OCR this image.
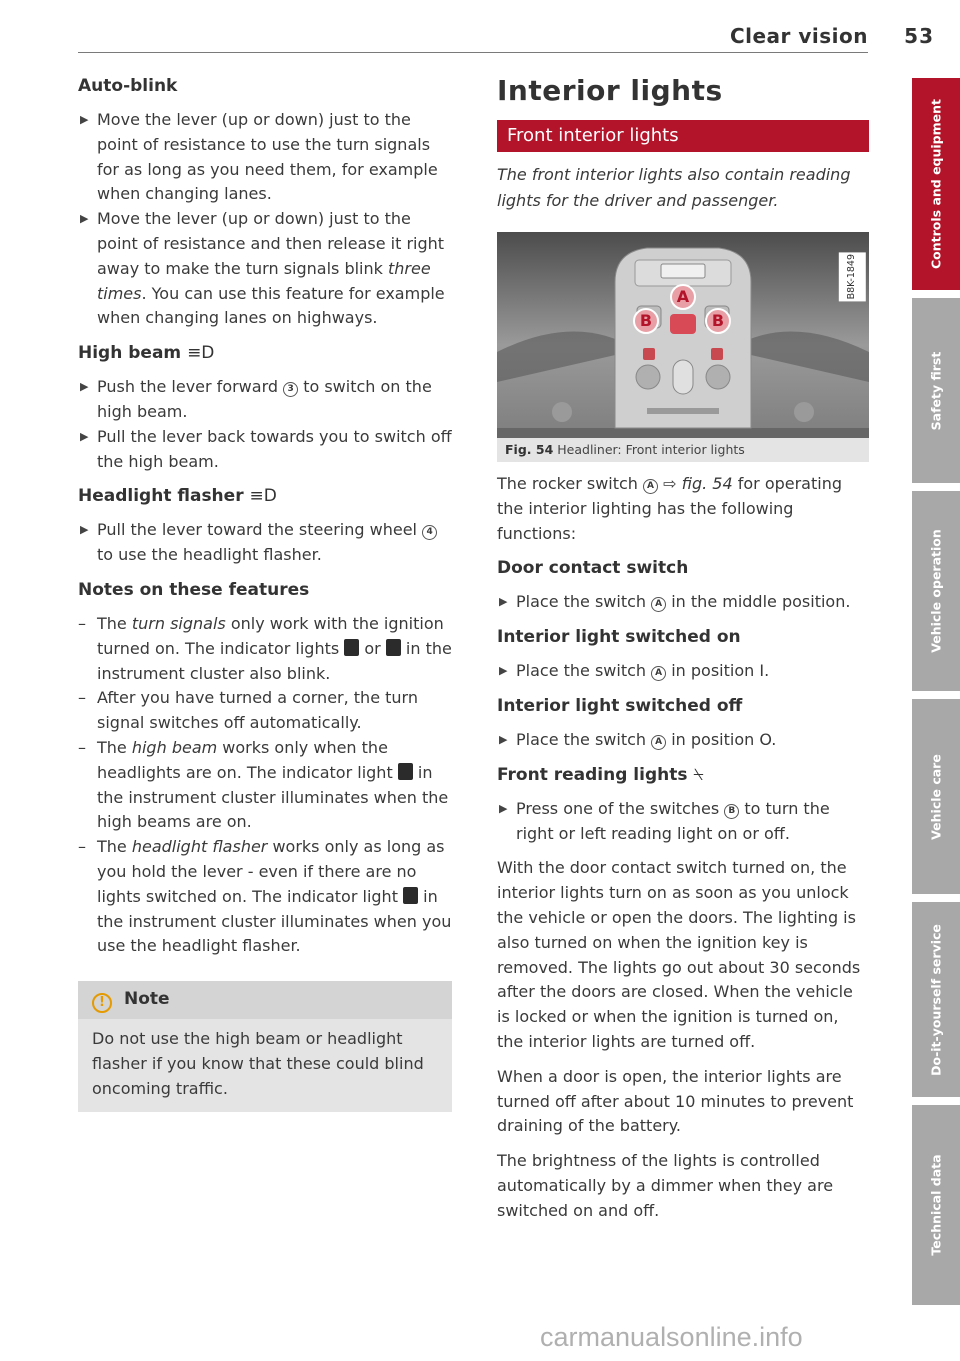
Clear vision 53
Auto-blink
▶ Move the lever (up or down) just to the point of resistance to use the turn signals for as long as you need them, for example when changing lanes.
▶ Move the lever (up or down) just to the point of resistance and then release it right away to make the turn signals blink three times. You can use this feature for example when changing lanes on highways.
High beam ≡D
▶ Push the lever forward 3 to switch on the high beam.
▶ Pull the lever back towards you to switch off the high beam.
Headlight flasher ≡D
▶ Pull the lever toward the steering wheel 4 to use the headlight flasher.
Notes on these features
– The turn signals only work with the ignition turned on. The indicator lights  or  in the instrument cluster also blink.
– After you have turned a corner, the turn signal switches off automatically.
– The high beam works only when the headlights are on. The indicator light  in the instrument cluster illuminates when the high beams are on.
– The headlight flasher works only as long as you hold the lever - even if there are no lights switched on. The indicator light  in the instrument cluster illuminates when you use the headlight flasher.
! Note
Do not use the high beam or headlight flasher if you know that these could blind oncoming traffic.
Interior lights
Front interior lights
The front interior lights also contain reading lights for the driver and passenger.
A
B	B
B8K-1849
Fig. 54 Headliner: Front interior lights
The rocker switch A ⇨ fig. 54 for operating the interior lighting has the following functions:
Door contact switch
▶ Place the switch A in the middle position.
Interior light switched on
▶ Place the switch A in position I.
Interior light switched off
▶ Place the switch A in position O.
Front reading lights ⍀
▶ Press one of the switches B to turn the right or left reading light on or off.
With the door contact switch turned on, the interior lights turn on as soon as you unlock the vehicle or open the doors. The lighting is also turned on when the ignition key is removed. The lights go out about 30 seconds after the doors are closed. When the vehicle is locked or when the ignition is turned on, the interior lights are turned off.
When a door is open, the interior lights are turned off after about 10 minutes to prevent draining of the battery.
The brightness of the lights is controlled automatically by a dimmer when they are switched on and off.
Controls and equipment
Safety first
Vehicle operation
Vehicle care
Do-it-yourself service
Technical data
carmanualsonline.info
